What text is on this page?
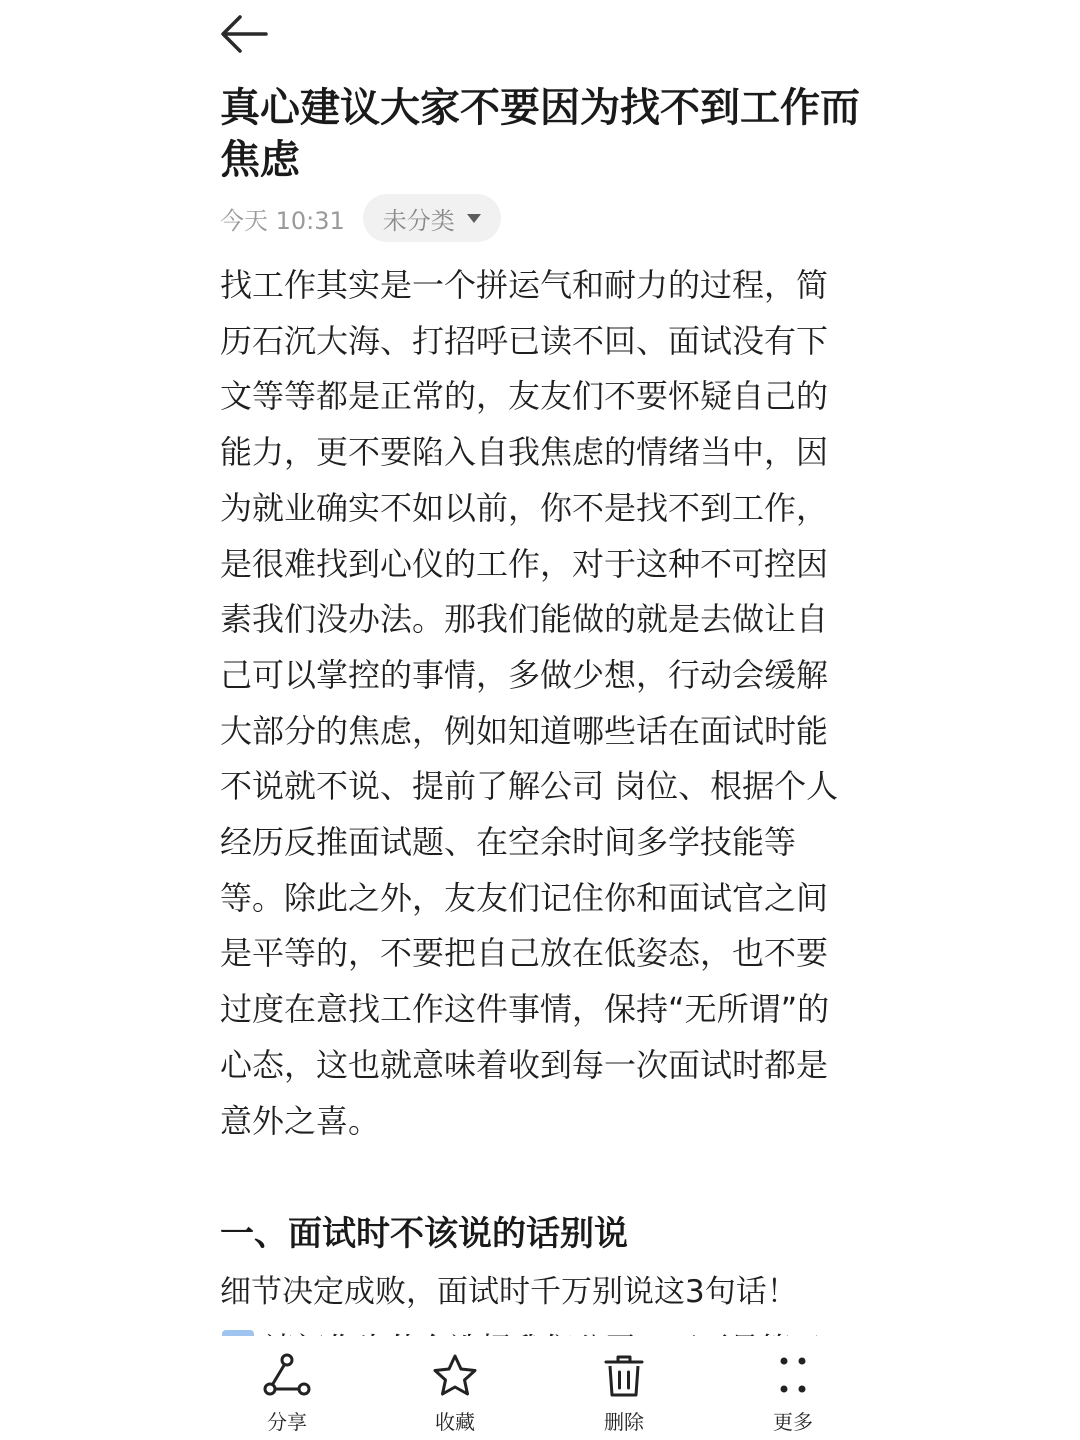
真心建议大家不要因为找不到工作而焦虑
今天 10:31 未分类

找工作其实是一个拼运气和耐力的过程，简历石沉大海、打招呼已读不回、面试没有下文等等都是正常的，友友们不要怀疑自己的能力，更不要陷入自我焦虑的情绪当中，因为就业确实不如以前，你不是找不到工作，是很难找到心仪的工作，对于这种不可控因素我们没办法。那我们能做的就是去做让自己可以掌控的事情，多做少想，行动会缓解大部分的焦虑，例如知道哪些话在面试时能不说就不说、提前了解公司 岗位、根据个人经历反推面试题、在空余时间多学技能等等。除此之外，友友们记住你和面试官之间是平等的，不要把自己放在低姿态，也不要过度在意找工作这件事情，保持“无所谓”的心态，这也就意味着收到每一次面试时都是意外之喜。

一、面试时不该说的话别说

细节决定成败，面试时千万别说这3句话！

分享	收藏	删除	更多
